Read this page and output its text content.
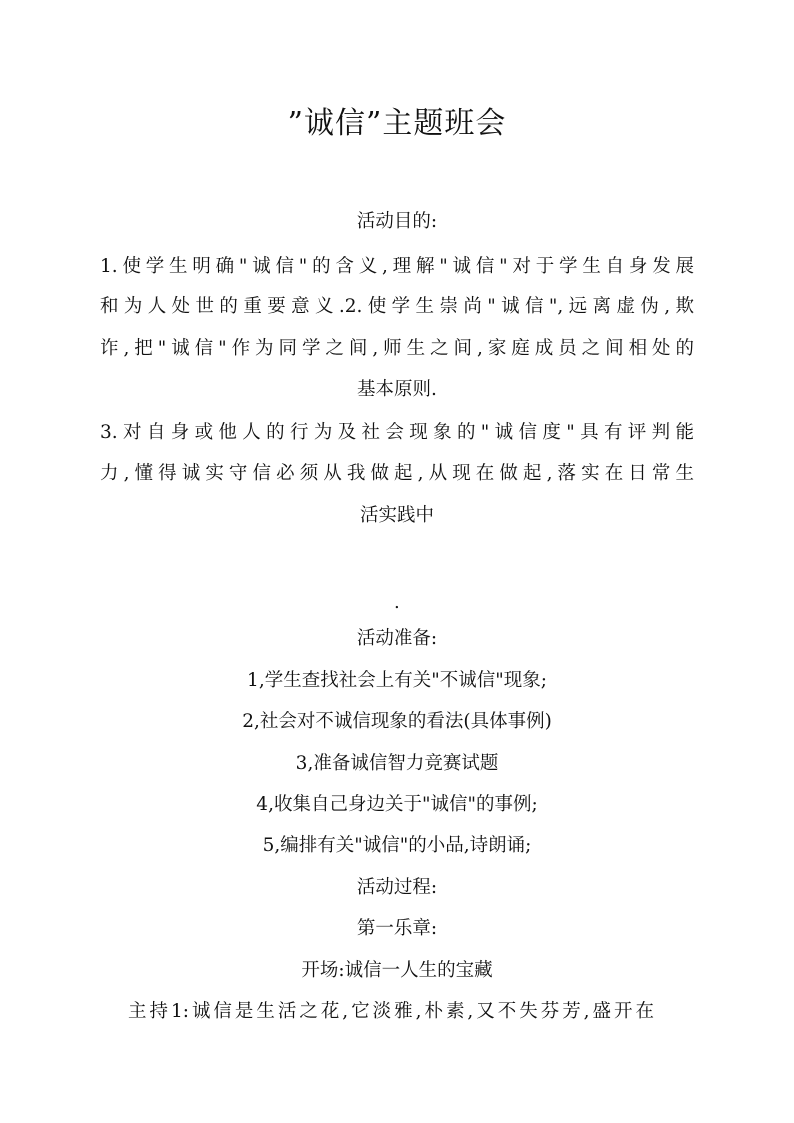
”诚信”主题班会
活动目的:
1.使学生明确"诚信"的含义,理解"诚信"对于学生自身发展
和为人处世的重要意义.2.使学生崇尚"诚信",远离虚伪,欺
诈,把"诚信"作为同学之间,师生之间,家庭成员之间相处的
基本原则.
3.对自身或他人的行为及社会现象的"诚信度"具有评判能
力,懂得诚实守信必须从我做起,从现在做起,落实在日常生
活实践中
.
活动准备:
1,学生查找社会上有关"不诚信"现象;
2,社会对不诚信现象的看法(具体事例)
3,准备诚信智力竞赛试题
4,收集自己身边关于"诚信"的事例;
5,编排有关"诚信"的小品,诗朗诵;
活动过程:
第一乐章:
开场:诚信一人生的宝藏
主持1:诚信是生活之花,它淡雅,朴素,又不失芬芳,盛开在
